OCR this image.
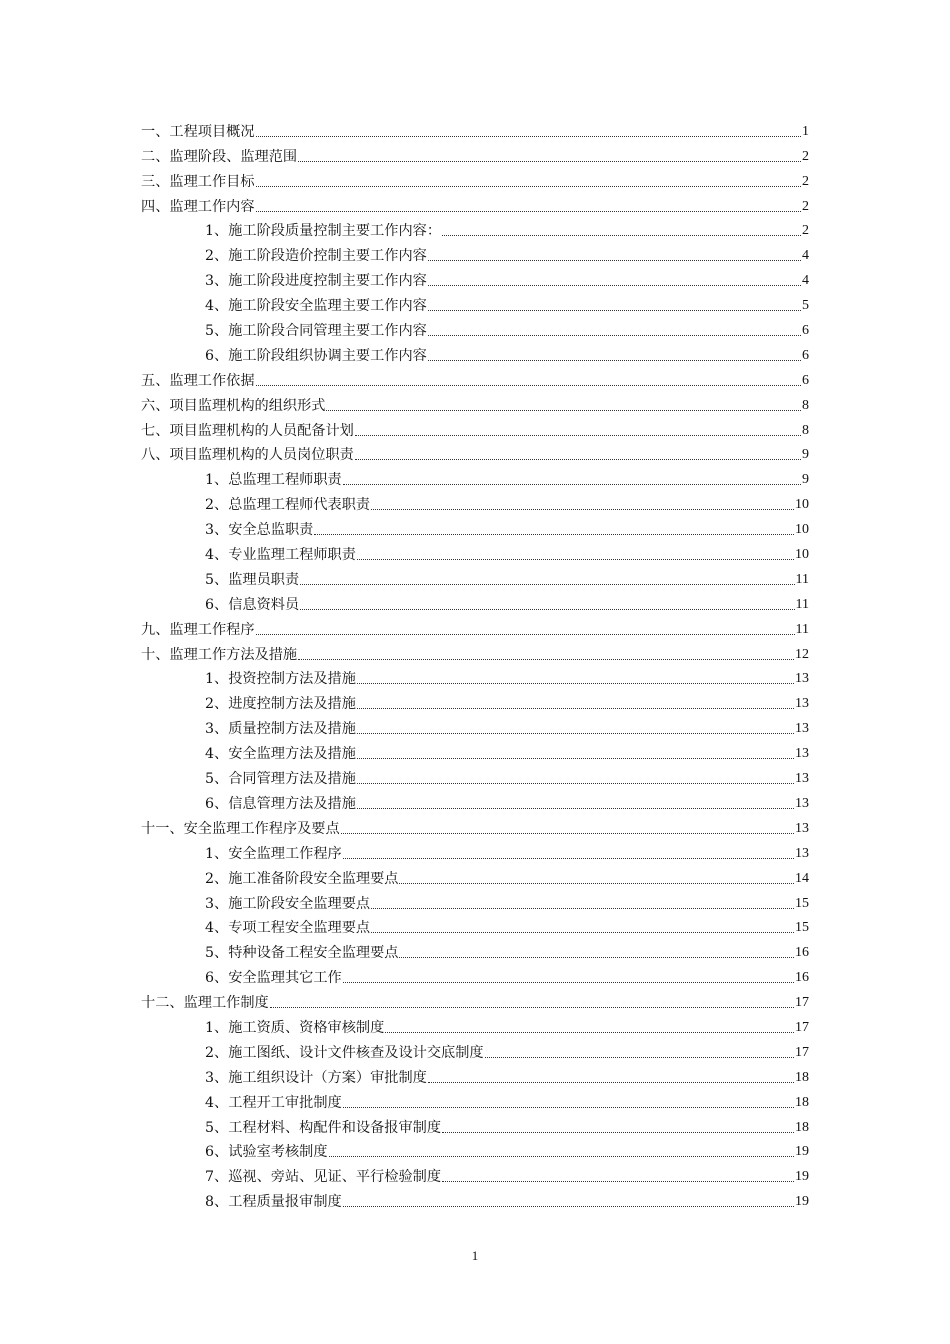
一、工程项目概况	1
二、监理阶段、监理范围	2
三、监理工作目标	2
四、监理工作内容	2
1、施工阶段质量控制主要工作内容：	2
2、施工阶段造价控制主要工作内容	4
3、施工阶段进度控制主要工作内容	4
4、施工阶段安全监理主要工作内容	5
5、施工阶段合同管理主要工作内容	6
6、施工阶段组织协调主要工作内容	6
五、监理工作依据	6
六、项目监理机构的组织形式	8
七、项目监理机构的人员配备计划	8
八、项目监理机构的人员岗位职责	9
1、总监理工程师职责	9
2、总监理工程师代表职责	10
3、安全总监职责	10
4、专业监理工程师职责	10
5、监理员职责	11
6、信息资料员	11
九、监理工作程序	11
十、监理工作方法及措施	12
1、投资控制方法及措施	13
2、进度控制方法及措施	13
3、质量控制方法及措施	13
4、安全监理方法及措施	13
5、合同管理方法及措施	13
6、信息管理方法及措施	13
十一、安全监理工作程序及要点	13
1、安全监理工作程序	13
2、施工准备阶段安全监理要点	14
3、施工阶段安全监理要点	15
4、专项工程安全监理要点	15
5、特种设备工程安全监理要点	16
6、安全监理其它工作	16
十二、监理工作制度	17
1、施工资质、资格审核制度	17
2、施工图纸、设计文件核查及设计交底制度	17
3、施工组织设计（方案）审批制度	18
4、工程开工审批制度	18
5、工程材料、构配件和设备报审制度	18
6、试验室考核制度	19
7、巡视、旁站、见证、平行检验制度	19
8、工程质量报审制度	19
1
